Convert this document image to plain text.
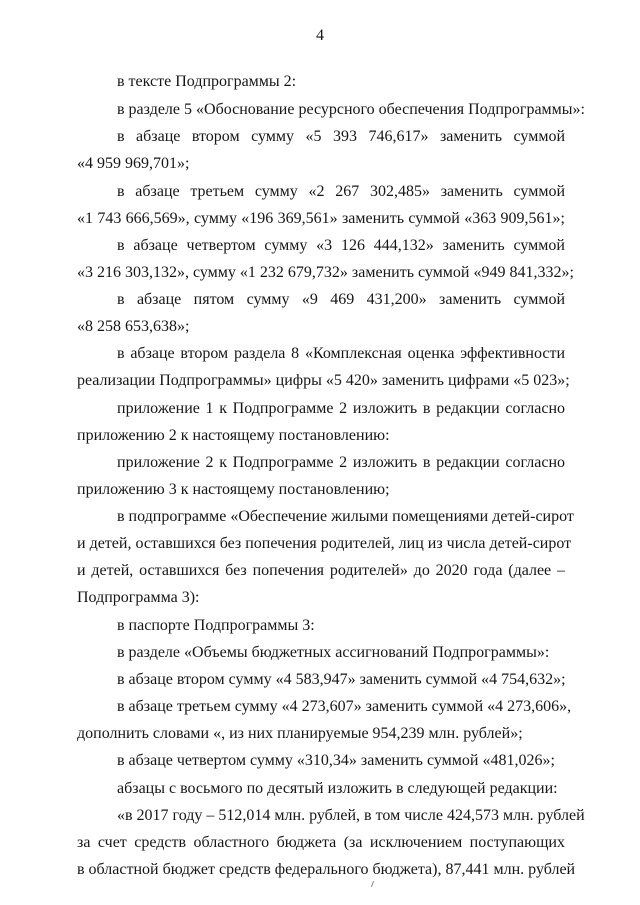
4
в тексте Подпрограммы 2:
в разделе 5 «Обоснование ресурсного обеспечения Подпрограммы»:
в абзаце втором сумму «5 393 746,617» заменить суммой
«4 959 969,701»;
в абзаце третьем сумму «2 267 302,485» заменить суммой
«1 743 666,569», сумму «196 369,561» заменить суммой «363 909,561»;
в абзаце четвертом сумму «3 126 444,132» заменить суммой
«3 216 303,132», сумму «1 232 679,732» заменить суммой «949 841,332»;
в абзаце пятом сумму «9 469 431,200» заменить суммой
«8 258 653,638»;
в абзаце втором раздела 8 «Комплексная оценка эффективности
реализации Подпрограммы» цифры «5 420» заменить цифрами «5 023»;
приложение 1 к Подпрограмме 2 изложить в редакции согласно
приложению 2 к настоящему постановлению:
приложение 2 к Подпрограмме 2 изложить в редакции согласно
приложению 3 к настоящему постановлению;
в подпрограмме «Обеспечение жилыми помещениями детей-сирот
и детей, оставшихся без попечения родителей, лиц из числа детей-сирот
и детей, оставшихся без попечения родителей» до 2020 года (далее –
Подпрограмма 3):
в паспорте Подпрограммы 3:
в разделе «Объемы бюджетных ассигнований Подпрограммы»:
в абзаце втором сумму «4 583,947» заменить суммой «4 754,632»;
в абзаце третьем сумму «4 273,607» заменить суммой «4 273,606»,
дополнить словами «, из них планируемые 954,239 млн. рублей»;
в абзаце четвертом сумму «310,34» заменить суммой «481,026»;
абзацы с восьмого по десятый изложить в следующей редакции:
«в 2017 году – 512,014 млн. рублей, в том числе 424,573 млн. рублей
за счет средств областного бюджета (за исключением поступающих
в областной бюджет средств федерального бюджета), 87,441 млн. рублей
